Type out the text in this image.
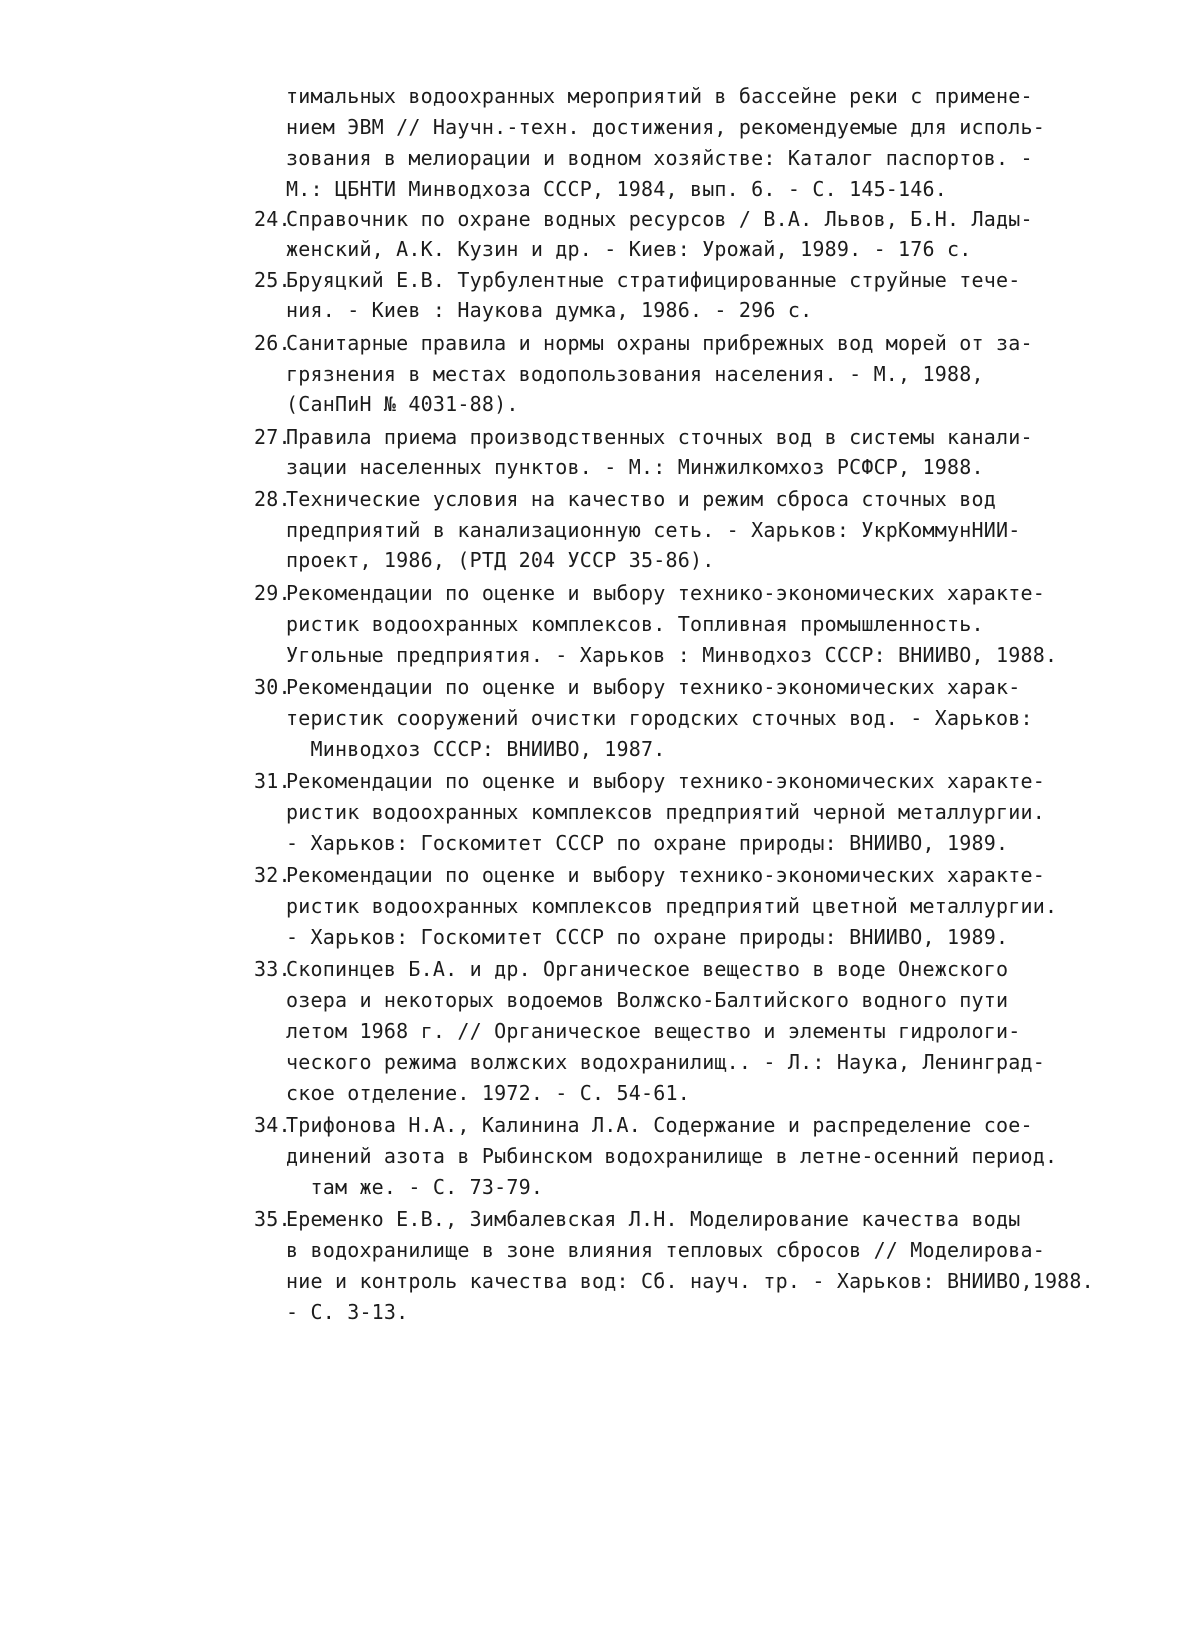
тимальных водоохранных мероприятий в бассейне реки с примене-
нием ЭВМ // Научн.-техн. достижения, рекомендуемые для исполь-
зования в мелиорации и водном хозяйстве: Каталог паспортов. -
М.: ЦБНТИ Минводхоза СССР, 1984, вып. 6. - С. 145-146.
24.
Справочник по охране водных ресурсов / В.А. Львов, Б.Н. Лады-
женский, А.К. Кузин и др. - Киев: Урожай, 1989. - 176 с.
25.
Бруяцкий Е.В. Турбулентные стратифицированные струйные тече-
ния. - Киев : Наукова думка, 1986. - 296 с.
26.
Санитарные правила и нормы охраны прибрежных вод морей от за-
грязнения в местах водопользования населения. - М., 1988,
(СанПиН № 4031-88).
27.
Правила приема производственных сточных вод в системы канали-
зации населенных пунктов. - М.: Минжилкомхоз РСФСР, 1988.
28.
Технические условия на качество и режим сброса сточных вод
предприятий в канализационную сеть. - Харьков: УкрКоммунНИИ-
проект, 1986, (РТД 204 УССР 35-86).
29.
Рекомендации по оценке и выбору технико-экономических характе-
ристик водоохранных комплексов. Топливная промышленность.
Угольные предприятия. - Харьков : Минводхоз СССР: ВНИИВО, 1988.
30.
Рекомендации по оценке и выбору технико-экономических харак-
теристик сооружений очистки городских сточных вод. - Харьков:
Минводхоз СССР: ВНИИВО, 1987.
31.
Рекомендации по оценке и выбору технико-экономических характе-
ристик водоохранных комплексов предприятий черной металлургии.
- Харьков: Госкомитет СССР по охране природы: ВНИИВО, 1989.
32.
Рекомендации по оценке и выбору технико-экономических характе-
ристик водоохранных комплексов предприятий цветной металлургии.
- Харьков: Госкомитет СССР по охране природы: ВНИИВО, 1989.
33.
Скопинцев Б.А. и др. Органическое вещество в воде Онежского
озера и некоторых водоемов Волжско-Балтийского водного пути
летом 1968 г. // Органическое вещество и элементы гидрологи-
ческого режима волжских водохранилищ.. - Л.: Наука, Ленинград-
ское отделение. 1972. - С. 54-61.
34.
Трифонова Н.А., Калинина Л.А. Содержание и распределение сое-
динений азота в Рыбинском водохранилище в летне-осенний период.
там же. - С. 73-79.
35.
Еременко Е.В., Зимбалевская Л.Н. Моделирование качества воды
в водохранилище в зоне влияния тепловых сбросов // Моделирова-
ние и контроль качества вод: Сб. науч. тр. - Харьков: ВНИИВО,1988.
- С. 3-13.
